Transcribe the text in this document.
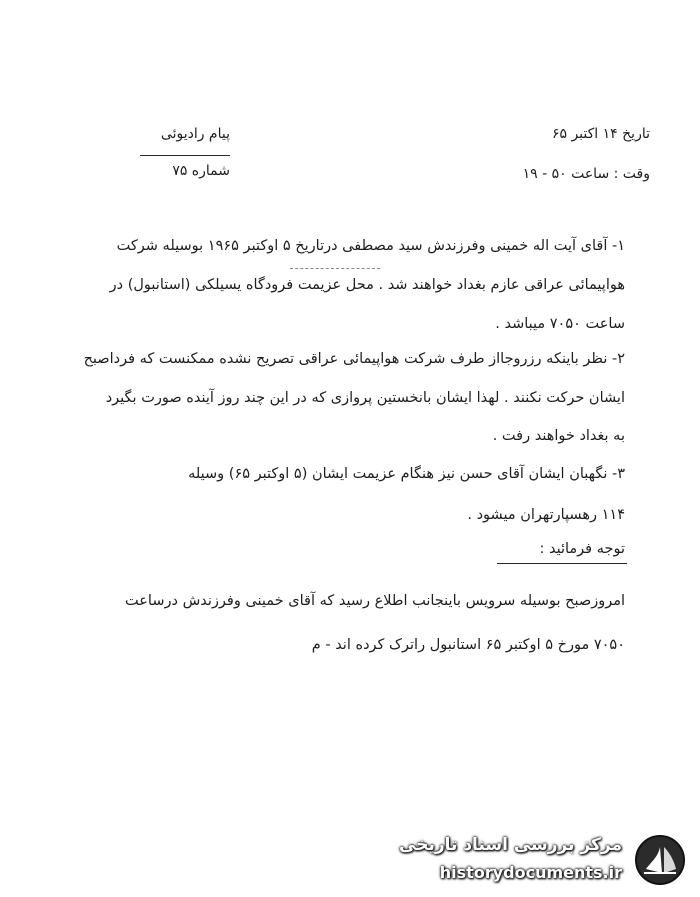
پیام رادیوئی
شماره ۷۵
تاریخ ۱۴ اکتبر ۶۵
وقت : ساعت ۵۰ - ۱۹
۱- آقای آیت اله خمینی وفرزندش سید مصطفی درتاریخ ۵ اوکتبر ۱۹۶۵ بوسیله شرکت
هواپیمائی عراقی عازم بغداد خواهند شد . محل عزیمت فرودگاه یسیلکی (استانبول) در
ساعت ۷۰۵۰ میباشد .
۲- نظر باینکه رزروجااز طرف شرکت هواپیمائی عراقی تصریح نشده ممکنست که فرداصبح
ایشان حرکت نکنند . لهذا ایشان بانخستین پروازی که در این چند روز آینده صورت بگیرد
به بغداد خواهند رفت .
۳- نگهبان ایشان آقای حسن نیز هنگام عزیمت ایشان (۵ اوکتبر ۶۵) وسیله
۱۱۴ رهسپارتهران میشود .
توجه فرمائید :
امروزصبح بوسیله سرویس باینجانب اطلاع رسید که آقای خمینی وفرزندش درساعت
۷۰۵۰ مورخ ۵ اوکتبر ۶۵ استانبول راترک کرده اند - م
مرکز بررسی اسناد تاریخی
historydocuments.ir
